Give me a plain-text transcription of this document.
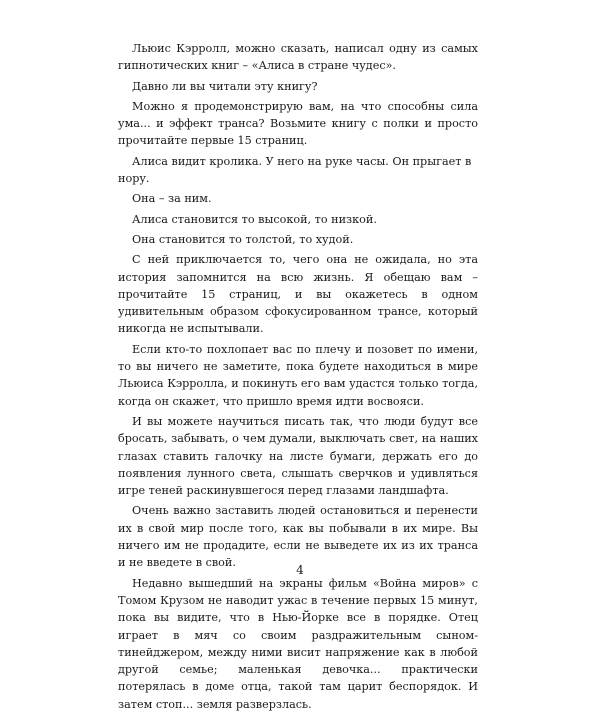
Льюис Кэрролл, можно сказать, написал одну из самых гипнотических книг – «Алиса в стране чудес».

Давно ли вы читали эту книгу?

Можно я продемонстрирую вам, на что способны сила ума... и эффект транса? Возьмите книгу с полки и просто прочитайте первые 15 страниц.

Алиса видит кролика. У него на руке часы. Он прыгает в нору.

Она – за ним.

Алиса становится то высокой, то низкой.

Она становится то толстой, то худой.

С ней приключается то, чего она не ожидала, но эта история запомнится на всю жизнь. Я обещаю вам – прочитайте 15 страниц, и вы окажетесь в одном удивительным образом сфокусированном трансе, который никогда не испытывали.

Если кто-то похлопает вас по плечу и позовет по имени, то вы ничего не заметите, пока будете находиться в мире Льюиса Кэрролла, и покинуть его вам удастся только тогда, когда он скажет, что пришло время идти восвояси.

И вы можете научиться писать так, что люди будут все бросать, забывать, о чем думали, выключать свет, на наших глазах ставить галочку на листе бумаги, держать его до появления лунного света, слышать сверчков и удивляться игре теней раскинувшегося перед глазами ландшафта.

Очень важно заставить людей остановиться и перенести их в свой мир после того, как вы побывали в их мире. Вы ничего им не продадите, если не выведете их из их транса и не введете в свой.

Недавно вышедший на экраны фильм «Война миров» с Томом Крузом не наводит ужас в течение первых 15 минут, пока вы видите, что в Нью-Йорке все в порядке. Отец играет в мяч со своим раздражительным сыном-тинейджером, между ними висит напряжение как в любой другой семье; маленькая девочка... практически потерялась в доме отца, такой там царит беспорядок. И затем стоп... земля разверзлась.

4
